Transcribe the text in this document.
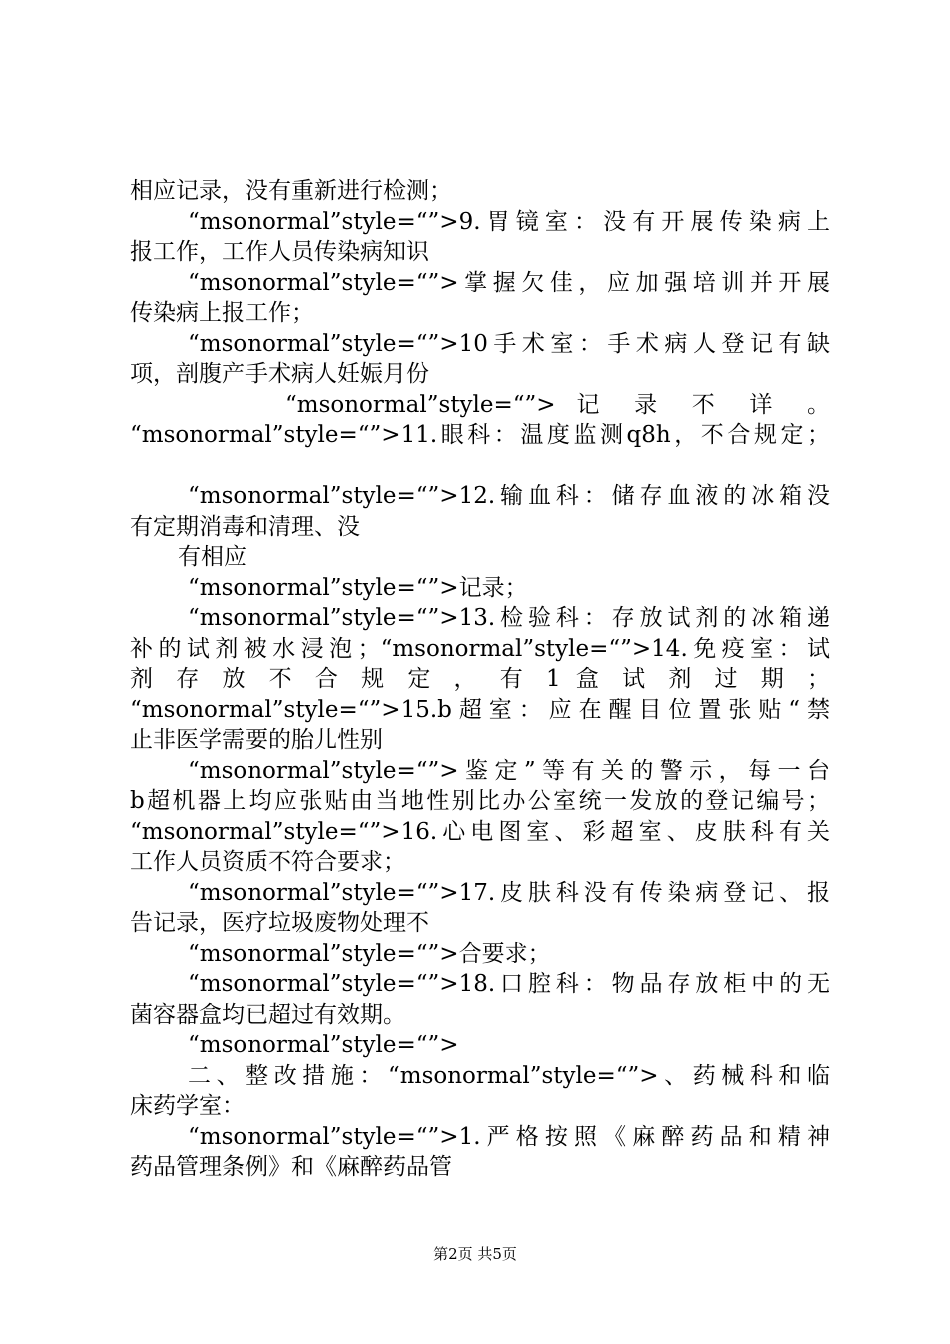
相应记录，没有重新进行检测；
“msonormal”style=“”>9.胃镜室：没有开展传染病上
报工作，工作人员传染病知识
“msonormal”style=“”>掌握欠佳，应加强培训并开展
传染病上报工作；
“msonormal”style=“”>10手术室：手术病人登记有缺
项，剖腹产手术病人妊娠月份
“msonormal”style=“”> 记 录 不 详 。
“msonormal”style=“”>11.眼科：温度监测q8h，不合规定；
“msonormal”style=“”>12.输血科：储存血液的冰箱没
有定期消毒和清理、没
有相应
“msonormal”style=“”>记录；
“msonormal”style=“”>13.检验科：存放试剂的冰箱递
补的试剂被水浸泡；“msonormal”style=“”>14.免疫室：试
剂 存 放 不 合 规 定 ， 有 1 盒 试 剂 过 期 ；
“msonormal”style=“”>15.b超室：应在醒目位置张贴“禁
止非医学需要的胎儿性别
“msonormal”style=“”>鉴定”等有关的警示，每一台
b超机器上均应张贴由当地性别比办公室统一发放的登记编号；
“msonormal”style=“”>16.心电图室、彩超室、皮肤科有关
工作人员资质不符合要求；
“msonormal”style=“”>17.皮肤科没有传染病登记、报
告记录，医疗垃圾废物处理不
“msonormal”style=“”>合要求；
“msonormal”style=“”>18.口腔科：物品存放柜中的无
菌容器盒均已超过有效期。
“msonormal”style=“”>
二、整改措施：“msonormal”style=“”>、药械科和临
床药学室：
“msonormal”style=“”>1.严格按照《麻醉药品和精神
药品管理条例》和《麻醉药品管
第2页 共5页
